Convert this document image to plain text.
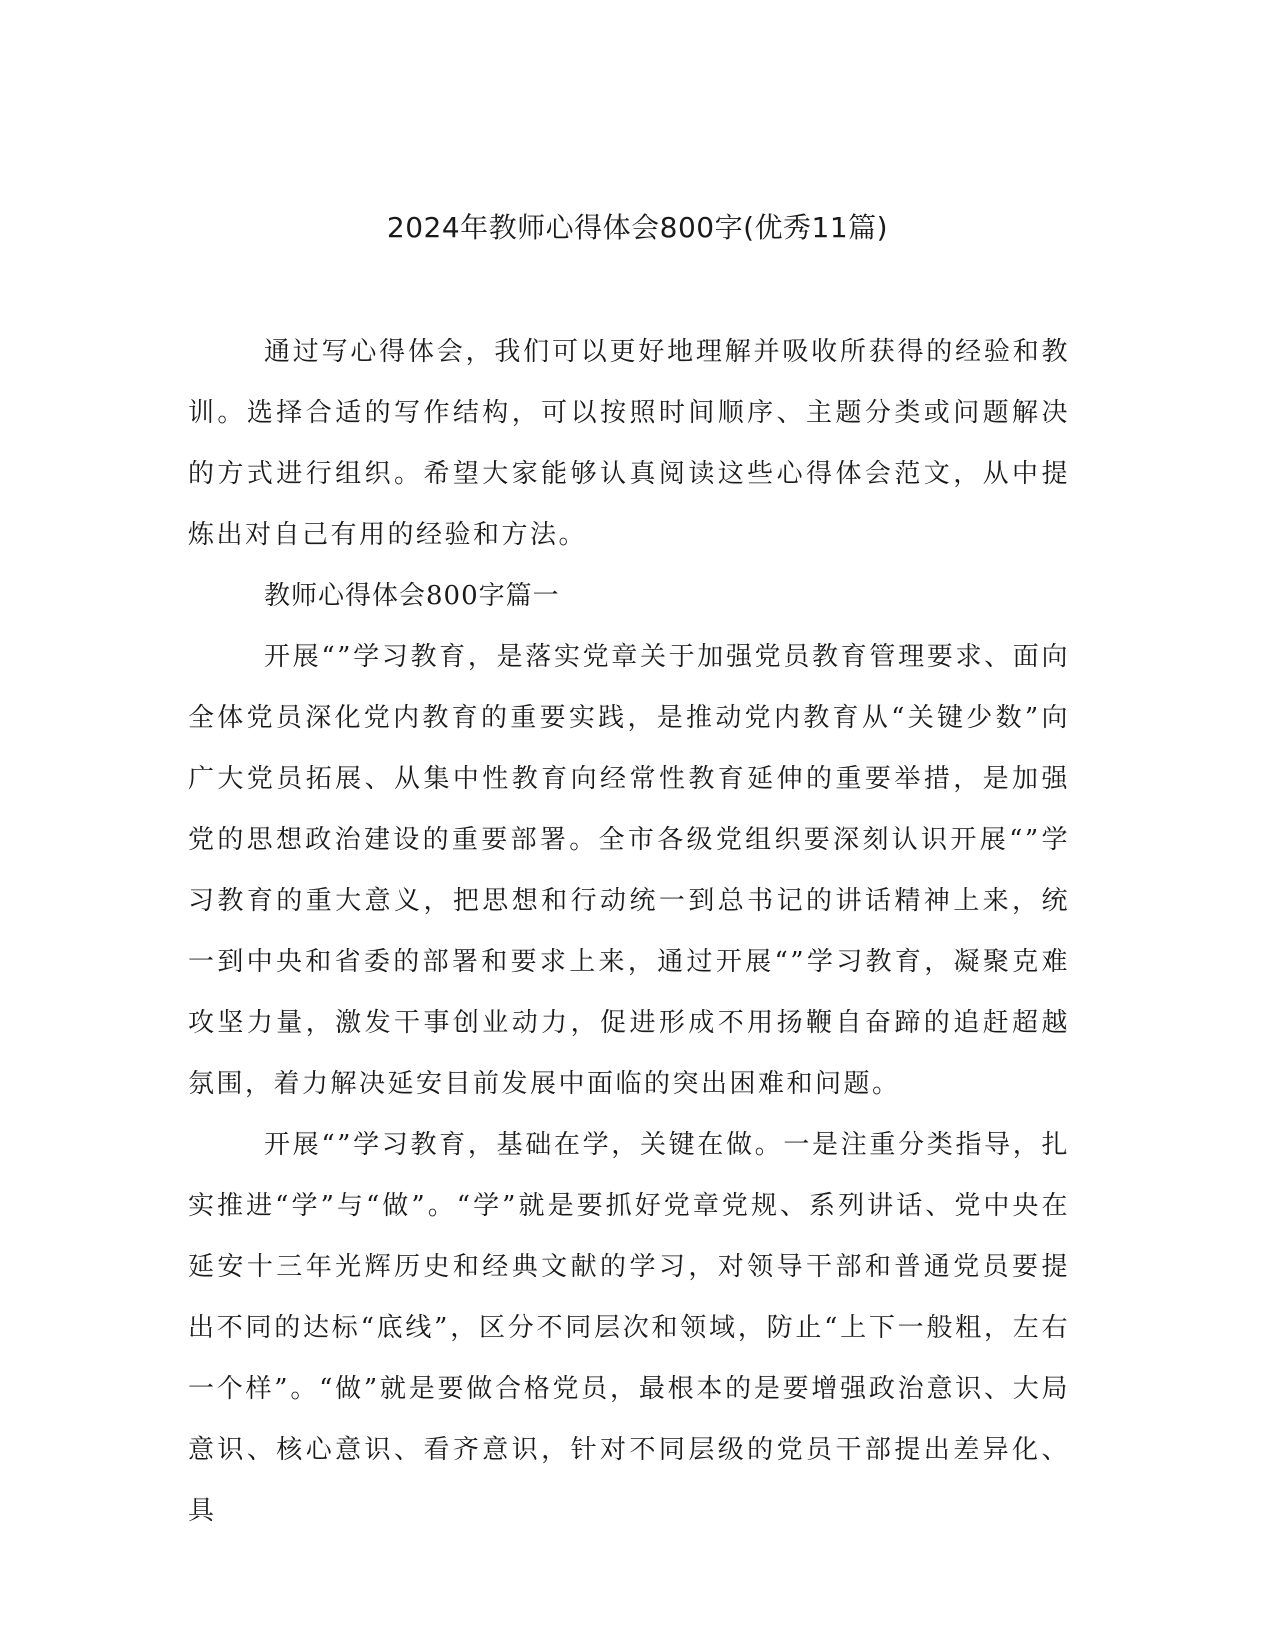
2024年教师心得体会800字(优秀11篇)

通过写心得体会，我们可以更好地理解并吸收所获得的经验和教训。选择合适的写作结构，可以按照时间顺序、主题分类或问题解决的方式进行组织。希望大家能够认真阅读这些心得体会范文，从中提炼出对自己有用的经验和方法。

教师心得体会800字篇一

开展“”学习教育，是落实党章关于加强党员教育管理要求、面向全体党员深化党内教育的重要实践，是推动党内教育从“关键少数”向广大党员拓展、从集中性教育向经常性教育延伸的重要举措，是加强党的思想政治建设的重要部署。全市各级党组织要深刻认识开展“”学习教育的重大意义，把思想和行动统一到总书记的讲话精神上来，统一到中央和省委的部署和要求上来，通过开展“”学习教育，凝聚克难攻坚力量，激发干事创业动力，促进形成不用扬鞭自奋蹄的追赶超越氛围，着力解决延安目前发展中面临的突出困难和问题。

开展“”学习教育，基础在学，关键在做。一是注重分类指导，扎实推进“学”与“做”。“学”就是要抓好党章党规、系列讲话、党中央在延安十三年光辉历史和经典文献的学习，对领导干部和普通党员要提出不同的达标“底线”，区分不同层次和领域，防止“上下一般粗，左右一个样”。“做”就是要做合格党员，最根本的是要增强政治意识、大局意识、核心意识、看齐意识，针对不同层级的党员干部提出差异化、具
